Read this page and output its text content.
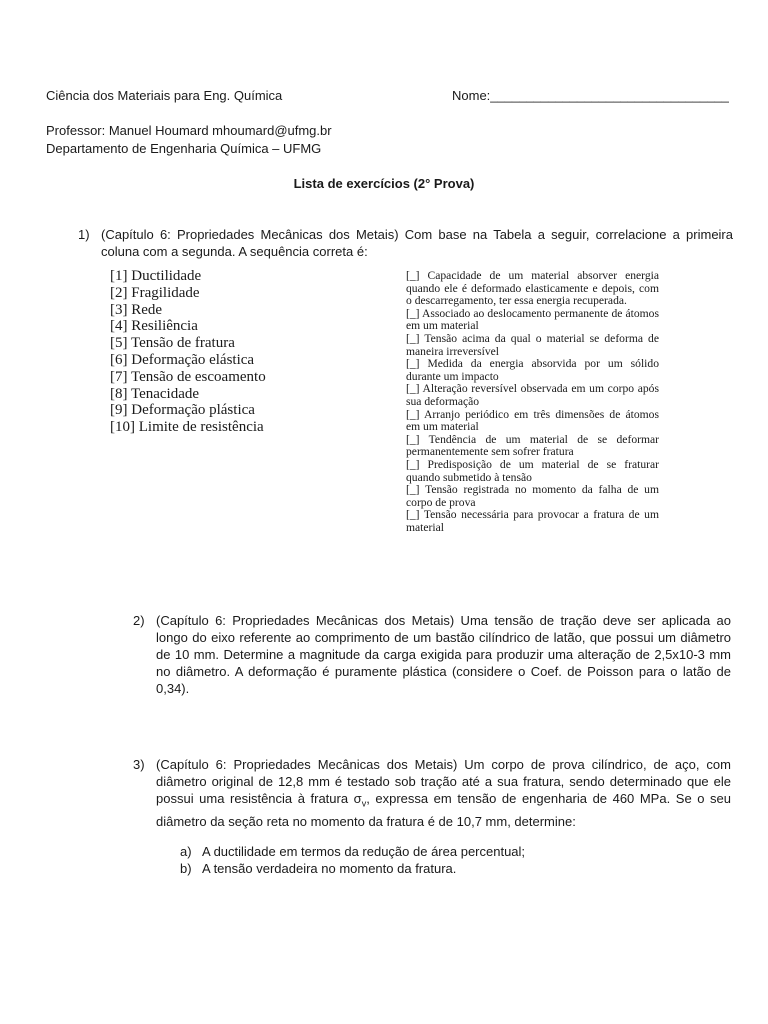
Ciência dos Materiais para Eng. Química	Nome:_________________________________
Professor: Manuel Houmard mhoumard@ufmg.br
Departamento de Engenharia Química – UFMG
Lista de exercícios (2° Prova)
1) (Capítulo 6: Propriedades Mecânicas dos Metais) Com base na Tabela a seguir, correlacione a primeira coluna com a segunda. A sequência correta é:
[1] Ductilidade
[2] Fragilidade
[3] Rede
[4] Resiliência
[5] Tensão de fratura
[6] Deformação elástica
[7] Tensão de escoamento
[8] Tenacidade
[9] Deformação plástica
[10] Limite de resistência

[_] Capacidade de um material absorver energia quando ele é deformado elasticamente e depois, com o descarregamento, ter essa energia recuperada.

[_] Associado ao deslocamento permanente de átomos em um material

[_] Tensão acima da qual o material se deforma de maneira irreversível

[_] Medida da energia absorvida por um sólido durante um impacto

[_] Alteração reversível observada em um corpo após sua deformação

[_] Arranjo periódico em três dimensões de átomos em um material

[_] Tendência de um material de se deformar permanentemente sem sofrer fratura

[_] Predisposição de um material de se fraturar quando submetido à tensão

[_] Tensão registrada no momento da falha de um corpo de prova

[_] Tensão necessária para provocar a fratura de um material

2) (Capítulo 6: Propriedades Mecânicas dos Metais) Uma tensão de tração deve ser aplicada ao longo do eixo referente ao comprimento de um bastão cilíndrico de latão, que possui um diâmetro de 10 mm. Determine a magnitude da carga exigida para produzir uma alteração de 2,5x10-3 mm no diâmetro. A deformação é puramente plástica (considere o Coef. de Poisson para o latão de 0,34).
3) (Capítulo 6: Propriedades Mecânicas dos Metais) Um corpo de prova cilíndrico, de aço, com diâmetro original de 12,8 mm é testado sob tração até a sua fratura, sendo determinado que ele possui uma resistência à fratura $\sigma_v$, expressa em tensão de engenharia de 460 MPa. Se o seu diâmetro da seção reta no momento da fratura é de 10,7 mm, determine:
a) A ductilidade em termos da redução de área percentual;
b) A tensão verdadeira no momento da fratura.
